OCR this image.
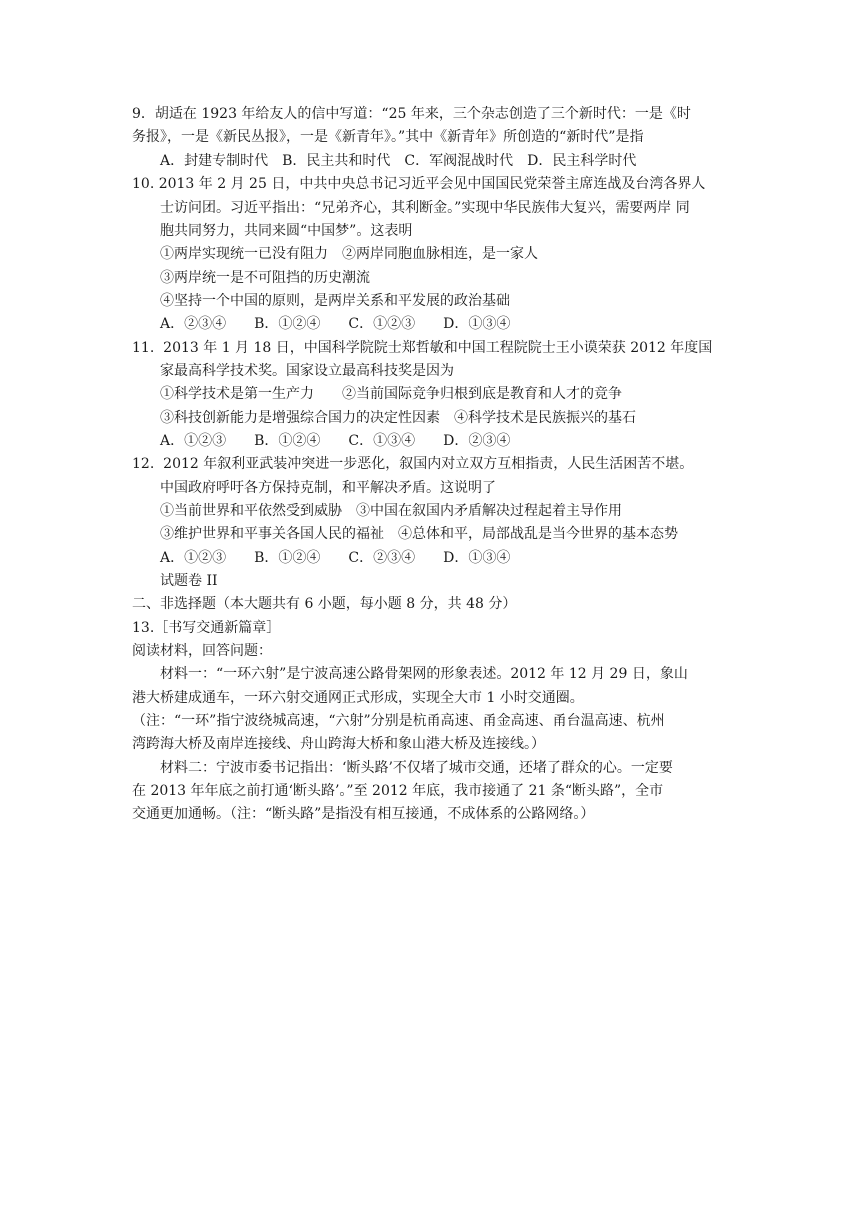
9．胡适在 1923 年给友人的信中写道：“25 年来，三个杂志创造了三个新时代：一是《时
务报》，一是《新民丛报》，一是《新青年》。”其中《新青年》所创造的“新时代”是指
A．封建专制时代　B．民主共和时代　C．军阀混战时代　D．民主科学时代
10. 2013 年 2 月 25 日，中共中央总书记习近平会见中国国民党荣誉主席连战及台湾各界人
士访问团。习近平指出：“兄弟齐心，其利断金。”实现中华民族伟大复兴，需要两岸 同
胞共同努力，共同来圆“中国梦”。这表明
①两岸实现统一已没有阻力　②两岸同胞血脉相连，是一家人
③两岸统一是不可阻挡的历史潮流
④坚持一个中国的原则，是两岸关系和平发展的政治基础
A．②③④　　B．①②④　　C．①②③　　D．①③④
11.  2013 年 1 月 18 日，中国科学院院士郑哲敏和中国工程院院士王小谟荣获 2012 年度国
家最高科学技术奖。国家设立最高科技奖是因为
①科学技术是第一生产力　　②当前国际竞争归根到底是教育和人才的竞争
③科技创新能力是增强综合国力的决定性因素　④科学技术是民族振兴的基石
A．①②③　　B．①②④　　C．①③④　　D．②③④
12.  2012 年叙利亚武装冲突进一步恶化，叙国内对立双方互相指责，人民生活困苦不堪。
中国政府呼吁各方保持克制，和平解决矛盾。这说明了
①当前世界和平依然受到威胁　③中国在叙国内矛盾解决过程起着主导作用
③维护世界和平事关各国人民的福祉　④总体和平，局部战乱是当今世界的基本态势
A．①②③　　B．①②④　　C．②③④　　D．①③④
试题卷 II
二、非选择题（本大题共有 6 小题，每小题 8 分，共 48 分）
13.［书写交通新篇章］
阅读材料，回答问题：
材料一：“一环六射”是宁波高速公路骨架网的形象表述。2012 年 12 月 29 日，象山
港大桥建成通车，一环六射交通网正式形成，实现全大市 1 小时交通圈。
（注：“一环”指宁波绕城高速，“六射”分别是杭甬高速、甬金高速、甬台温高速、杭州
湾跨海大桥及南岸连接线、舟山跨海大桥和象山港大桥及连接线。）
材料二：宁波市委书记指出：‘断头路’不仅堵了城市交通，还堵了群众的心。一定要
在 2013 年年底之前打通‘断头路’。”至 2012 年底，我市接通了 21 条“断头路”，全市
交通更加通畅。（注：“断头路”是指没有相互接通，不成体系的公路网络。）
